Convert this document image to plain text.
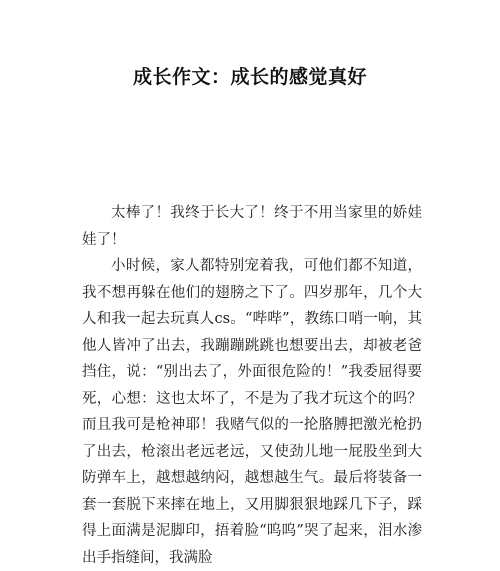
成长作文：成长的感觉真好

太棒了！我终于长大了！终于不用当家里的娇娃娃了！

小时候，家人都特别宠着我，可他们都不知道，我不想再躲在他们的翅膀之下了。四岁那年，几个大人和我一起去玩真人cs。“哔哔”，教练口哨一响，其他人皆冲了出去，我蹦蹦跳跳也想要出去，却被老爸挡住，说：“别出去了，外面很危险的！”我委屈得要死，心想：这也太坏了，不是为了我才玩这个的吗？而且我可是枪神耶！我赌气似的一抡胳膊把激光枪扔了出去，枪滚出老远老远，又使劲儿地一屁股坐到大防弹车上，越想越纳闷，越想越生气。最后将装备一套一套脱下来摔在地上，又用脚狠狠地踩几下子，踩得上面满是泥脚印，捂着脸“呜呜”哭了起来，泪水渗出手指缝间，我满脸
